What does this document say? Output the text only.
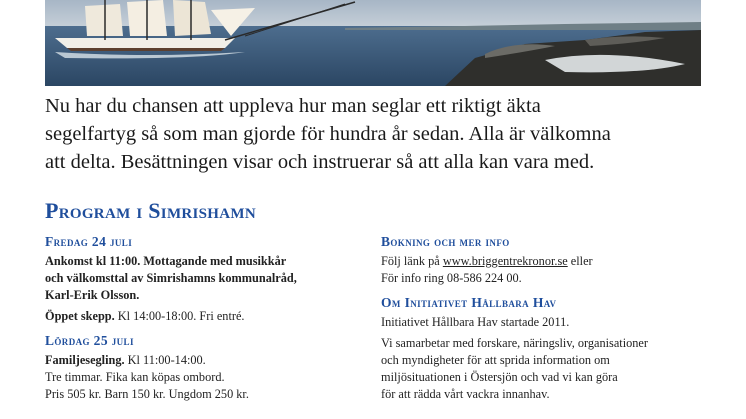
Nu har du chansen att uppleva hur man seglar ett riktigt äkta
segelfartyg så som man gjorde för hundra år sedan. Alla är välkomna
att delta. Besättningen visar och instruerar så att alla kan vara med.
Program i Simrishamn
Fredag 24 juli
Ankomst kl 11:00. Mottagande med musikkår
och välkomsttal av Simrishamns kommunalråd,
Karl-Erik Olsson.
Öppet skepp. Kl 14:00-18:00. Fri entré.
Lördag 25 juli
Familjesegling. Kl 11:00-14:00.
Tre timmar. Fika kan köpas ombord.
Pris 505 kr. Barn 150 kr. Ungdom 250 kr.
Bokning och mer info
Följ länk på www.briggentrekronor.se eller
För info ring 08-586 224 00.
Om Initiativet Hållbara Hav
Initiativet Hållbara Hav startade 2011.
Vi samarbetar med forskare, näringsliv, organisationer
och myndigheter för att sprida information om
miljösituationen i Östersjön och vad vi kan göra
för att rädda vårt vackra innanhav.
